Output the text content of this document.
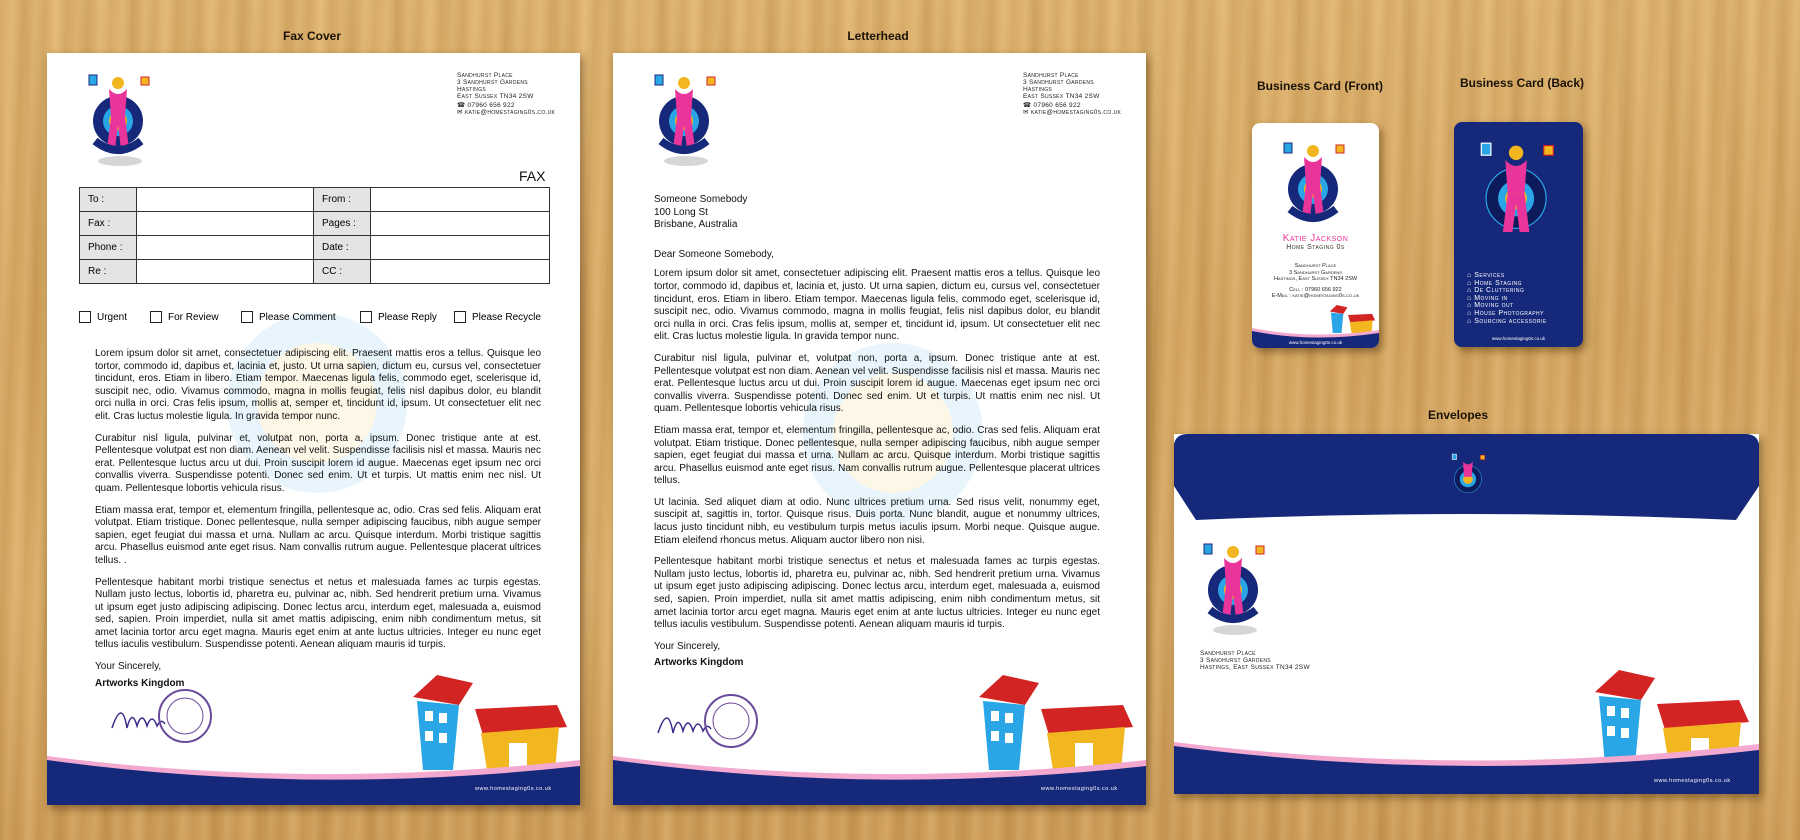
Fax Cover	Letterhead
Business Card (Front)	Business Card (Back)
Envelopes
Sandhurst Place
3 Sandhurst Gardens
Hastings
East Sussex TN34 2SW
☎ 07960 656 922
✉ katie@homestaging0s.co.uk
FAX
To :		From :	
Fax :		Pages :	
Phone :		Date :	
Re :		CC :	
Urgent	For Review	Please Comment	Please Reply	Please Recycle

Lorem ipsum dolor sit amet, consectetuer adipiscing elit. Praesent mattis eros a tellus. Quisque leo tortor, commodo id, dapibus et, lacinia et, justo. Ut urna sapien, dictum eu, cursus vel, consectetuer tincidunt, eros. Etiam in libero. Etiam tempor. Maecenas ligula felis, commodo eget, scelerisque id, suscipit nec, odio. Vivamus commodo, magna in mollis feugiat, felis nisl dapibus dolor, eu blandit orci nulla in orci. Cras felis ipsum, mollis at, semper et, tincidunt id, ipsum. Ut consectetuer elit nec elit. Cras luctus molestie ligula. In gravida tempor nunc.

Curabitur nisl ligula, pulvinar et, volutpat non, porta a, ipsum. Donec tristique ante at est. Pellentesque volutpat est non diam. Aenean vel velit. Suspendisse facilisis nisl et massa. Mauris nec erat. Pellentesque luctus arcu ut dui. Proin suscipit lorem id augue. Maecenas eget ipsum nec orci convallis viverra. Suspendisse potenti. Donec sed enim. Ut et turpis. Ut mattis enim nec nisl. Ut quam. Pellentesque lobortis vehicula risus.

Etiam massa erat, tempor et, elementum fringilla, pellentesque ac, odio. Cras sed felis. Aliquam erat volutpat. Etiam tristique. Donec pellentesque, nulla semper adipiscing faucibus, nibh augue semper sapien, eget feugiat dui massa et urna. Nullam ac arcu. Quisque interdum. Morbi tristique sagittis arcu. Phasellus euismod ante eget risus. Nam convallis rutrum augue. Pellentesque placerat ultrices tellus. .

Pellentesque habitant morbi tristique senectus et netus et malesuada fames ac turpis egestas. Nullam justo lectus, lobortis id, pharetra eu, pulvinar ac, nibh. Sed hendrerit pretium urna. Vivamus ut ipsum eget justo adipiscing adipiscing. Donec lectus arcu, interdum eget, malesuada a, euismod sed, sapien. Proin imperdiet, nulla sit amet mattis adipiscing, enim nibh condimentum metus, sit amet lacinia tortor arcu eget magna. Mauris eget enim at ante luctus ultricies. Integer eu nunc eget tellus iaculis vestibulum. Suspendisse potenti. Aenean aliquam mauris id turpis.

Your Sincerely,
Artworks Kingdom
www.homestaging0s.co.uk
Sandhurst Place
3 Sandhurst Gardens
Hastings
East Sussex TN34 2SW
☎ 07960 656 922
✉ katie@homestaging0s.co.uk
Someone Somebody
100 Long St
Brisbane, Australia
Dear Someone Somebody,

Lorem ipsum dolor sit amet, consectetuer adipiscing elit. Praesent mattis eros a tellus. Quisque leo tortor, commodo id, dapibus et, lacinia et, justo. Ut urna sapien, dictum eu, cursus vel, consectetuer tincidunt, eros. Etiam in libero. Etiam tempor. Maecenas ligula felis, commodo eget, scelerisque id, suscipit nec, odio. Vivamus commodo, magna in mollis feugiat, felis nisl dapibus dolor, eu blandit orci nulla in orci. Cras felis ipsum, mollis at, semper et, tincidunt id, ipsum. Ut consectetuer elit nec elit. Cras luctus molestie ligula. In gravida tempor nunc.

Curabitur nisl ligula, pulvinar et, volutpat non, porta a, ipsum. Donec tristique ante at est. Pellentesque volutpat est non diam. Aenean vel velit. Suspendisse facilisis nisl et massa. Mauris nec erat. Pellentesque luctus arcu ut dui. Proin suscipit lorem id augue. Maecenas eget ipsum nec orci convallis viverra. Suspendisse potenti. Donec sed enim. Ut et turpis. Ut mattis enim nec nisl. Ut quam. Pellentesque lobortis vehicula risus.

Etiam massa erat, tempor et, elementum fringilla, pellentesque ac, odio. Cras sed felis. Aliquam erat volutpat. Etiam tristique. Donec pellentesque, nulla semper adipiscing faucibus, nibh augue semper sapien, eget feugiat dui massa et urna. Nullam ac arcu. Quisque interdum. Morbi tristique sagittis arcu. Phasellus euismod ante eget risus. Nam convallis rutrum augue. Pellentesque placerat ultrices tellus.

Ut lacinia. Sed aliquet diam at odio. Nunc ultrices pretium urna. Sed risus velit, nonummy eget, suscipit at, sagittis in, tortor. Quisque risus. Duis porta. Nunc blandit, augue et nonummy ultrices, lacus justo tincidunt nibh, eu vestibulum turpis metus iaculis ipsum. Morbi neque. Quisque augue. Etiam eleifend rhoncus metus. Aliquam auctor libero non nisi.

Pellentesque habitant morbi tristique senectus et netus et malesuada fames ac turpis egestas. Nullam justo lectus, lobortis id, pharetra eu, pulvinar ac, nibh. Sed hendrerit pretium urna. Vivamus ut ipsum eget justo adipiscing adipiscing. Donec lectus arcu, interdum eget, malesuada a, euismod sed, sapien. Proin imperdiet, nulla sit amet mattis adipiscing, enim nibh condimentum metus, sit amet lacinia tortor arcu eget magna. Mauris eget enim at ante luctus ultricies. Integer eu nunc eget tellus iaculis vestibulum. Suspendisse potenti. Aenean aliquam mauris id turpis.

Your Sincerely,
Artworks Kingdom
www.homestaging0s.co.uk
Katie Jackson
Home Staging 0s
Sandhurst Place
3 Sandhurst Gardens
Hastings, East Sussex TN34 2SW
Cell : 07960 656 922
E-Mail : katie@homestaging0s.co.uk
www.homestaging0s.co.uk
⌂ Services
⌂ Home Staging
⌂ De Cluttering
⌂ Moving in
⌂ Moving out
⌂ House Photography
⌂ Sourcing accessorie
www.homestaging0s.co.uk
Sandhurst Place
3 Sandhurst Gardens
Hastings, East Sussex TN34 2SW
www.homestaging0s.co.uk
